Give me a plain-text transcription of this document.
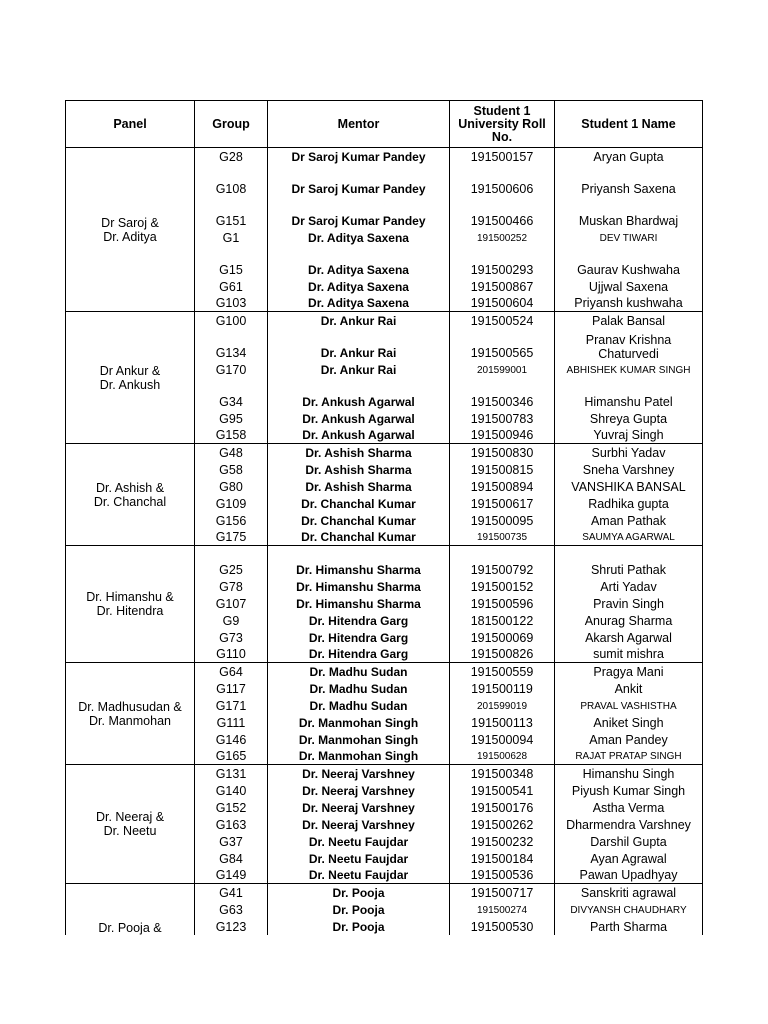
Panel	Group	Mentor	Student 1 University Roll No.	Student 1 Name
Dr Saroj &
Dr. Aditya	G28	Dr Saroj Kumar Pandey	191500157	Aryan Gupta
	G108	Dr Saroj Kumar Pandey	191500606	Priyansh Saxena
	G151	Dr Saroj Kumar Pandey	191500466	Muskan Bhardwaj
	G1	Dr. Aditya Saxena	191500252	DEV TIWARI
	G15	Dr. Aditya Saxena	191500293	Gaurav Kushwaha
	G61	Dr. Aditya Saxena	191500867	Ujjwal Saxena
	G103	Dr. Aditya Saxena	191500604	Priyansh kushwaha
Dr Ankur &
Dr. Ankush	G100	Dr. Ankur Rai	191500524	Palak Bansal
	G134	Dr. Ankur Rai	191500565	Pranav Krishna
Chaturvedi
	G170	Dr. Ankur Rai	201599001	ABHISHEK KUMAR SINGH
	G34	Dr. Ankush Agarwal	191500346	Himanshu Patel
	G95	Dr. Ankush Agarwal	191500783	Shreya Gupta
	G158	Dr. Ankush Agarwal	191500946	Yuvraj Singh
Dr. Ashish &
Dr. Chanchal	G48	Dr. Ashish Sharma	191500830	Surbhi Yadav
	G58	Dr. Ashish Sharma	191500815	Sneha Varshney
	G80	Dr. Ashish Sharma	191500894	VANSHIKA BANSAL
	G109	Dr. Chanchal Kumar	191500617	Radhika gupta
	G156	Dr. Chanchal Kumar	191500095	Aman Pathak
	G175	Dr. Chanchal Kumar	191500735	SAUMYA AGARWAL
Dr. Himanshu &
Dr. Hitendra	G25	Dr. Himanshu Sharma	191500792	Shruti Pathak
	G78	Dr. Himanshu Sharma	191500152	Arti Yadav
	G107	Dr. Himanshu Sharma	191500596	Pravin Singh
	G9	Dr. Hitendra Garg	181500122	Anurag Sharma
	G73	Dr. Hitendra Garg	191500069	Akarsh Agarwal
	G110	Dr. Hitendra Garg	191500826	sumit mishra
Dr. Madhusudan &
Dr. Manmohan	G64	Dr. Madhu Sudan	191500559	Pragya Mani
	G117	Dr. Madhu Sudan	191500119	Ankit
	G171	Dr. Madhu Sudan	201599019	PRAVAL VASHISTHA
	G111	Dr. Manmohan Singh	191500113	Aniket Singh
	G146	Dr. Manmohan Singh	191500094	Aman Pandey
	G165	Dr. Manmohan Singh	191500628	RAJAT PRATAP SINGH
Dr. Neeraj &
Dr. Neetu	G131	Dr. Neeraj Varshney	191500348	Himanshu Singh
	G140	Dr. Neeraj Varshney	191500541	Piyush Kumar Singh
	G152	Dr. Neeraj Varshney	191500176	Astha Verma
	G163	Dr. Neeraj Varshney	191500262	Dharmendra Varshney
	G37	Dr. Neetu Faujdar	191500232	Darshil Gupta
	G84	Dr. Neetu Faujdar	191500184	Ayan Agrawal
	G149	Dr. Neetu Faujdar	191500536	Pawan Upadhyay
Dr. Pooja &	G41	Dr. Pooja	191500717	Sanskriti agrawal
	G63	Dr. Pooja	191500274	DIVYANSH CHAUDHARY
	G123	Dr. Pooja	191500530	Parth Sharma
